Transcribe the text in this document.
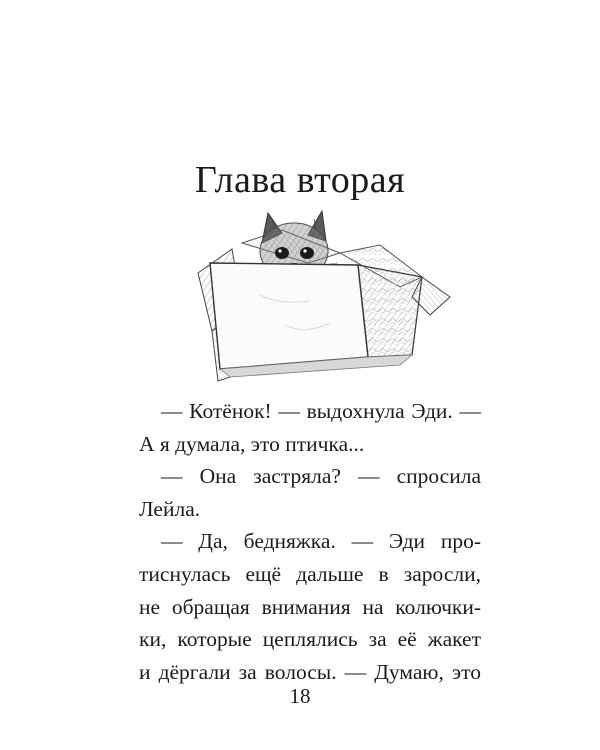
Глава вторая
— Котёнок! — выдохнула Эди. —
А я думала, это птичка...
— Она застряла? — спросила
Лейла.
— Да, бедняжка. — Эди про-
тиснулась ещё дальше в заросли,
не обращая внимания на колючки-
ки, которые цеплялись за её жакет
и дёргали за волосы. — Думаю, это
18
